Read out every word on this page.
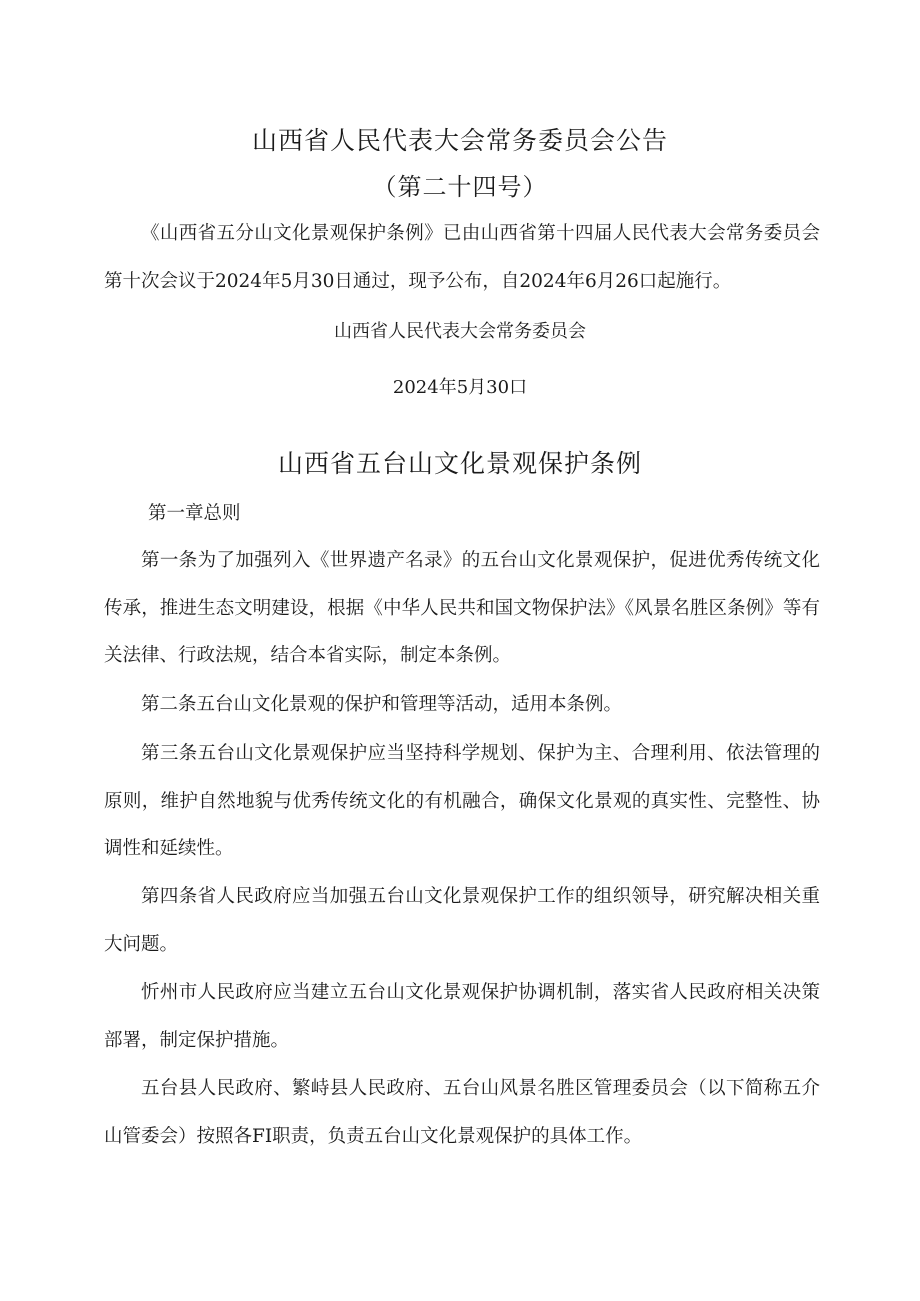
山西省人民代表大会常务委员会公告
（第二十四号）

《山西省五分山文化景观保护条例》已由山西省第十四届人民代表大会常务委员会第十次会议于2024年5月30日通过，现予公布，自2024年6月26口起施行。

山西省人民代表大会常务委员会
2024年5月30口
山西省五台山文化景观保护条例
第一章总则

第一条为了加强列入《世界遗产名录》的五台山文化景观保护，促进优秀传统文化传承，推进生态文明建设，根据《中华人民共和国文物保护法》《风景名胜区条例》等有关法律、行政法规，结合本省实际，制定本条例。

第二条五台山文化景观的保护和管理等活动，适用本条例。

第三条五台山文化景观保护应当坚持科学规划、保护为主、合理利用、依法管理的原则，维护自然地貌与优秀传统文化的有机融合，确保文化景观的真实性、完整性、协调性和延续性。

第四条省人民政府应当加强五台山文化景观保护工作的组织领导，研究解决相关重大问题。

忻州市人民政府应当建立五台山文化景观保护协调机制，落实省人民政府相关决策部署，制定保护措施。

五台县人民政府、繁峙县人民政府、五台山风景名胜区管理委员会（以下简称五介山管委会）按照各FI职责，负责五台山文化景观保护的具体工作。
